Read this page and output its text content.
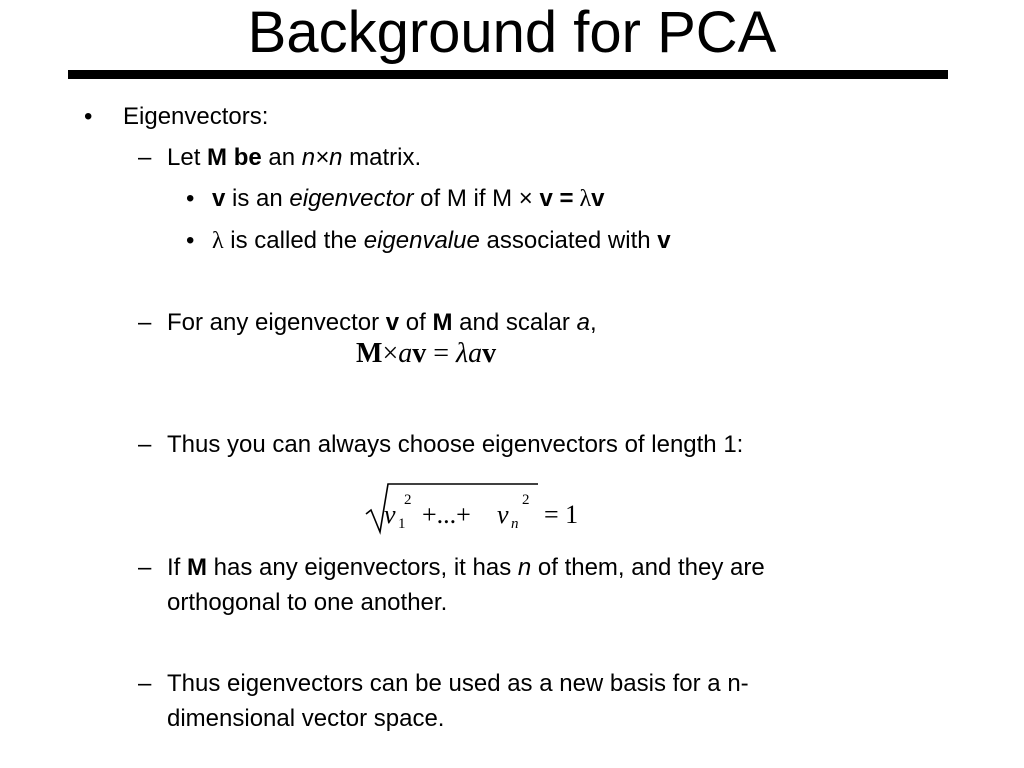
Background for PCA
• Eigenvectors:
– Let M be an n×n matrix.
• v is an eigenvector of M if M × v = λv
• λ is called the eigenvalue associated with v
– For any eigenvector v of M and scalar a,
M×av = λav
– Thus you can always choose eigenvectors of length 1:
v 1
2 +...+ v n
2 = 1
– If M has any eigenvectors, it has n of them, and they are
orthogonal to one another.
– Thus eigenvectors can be used as a new basis for a n-
dimensional vector space.
